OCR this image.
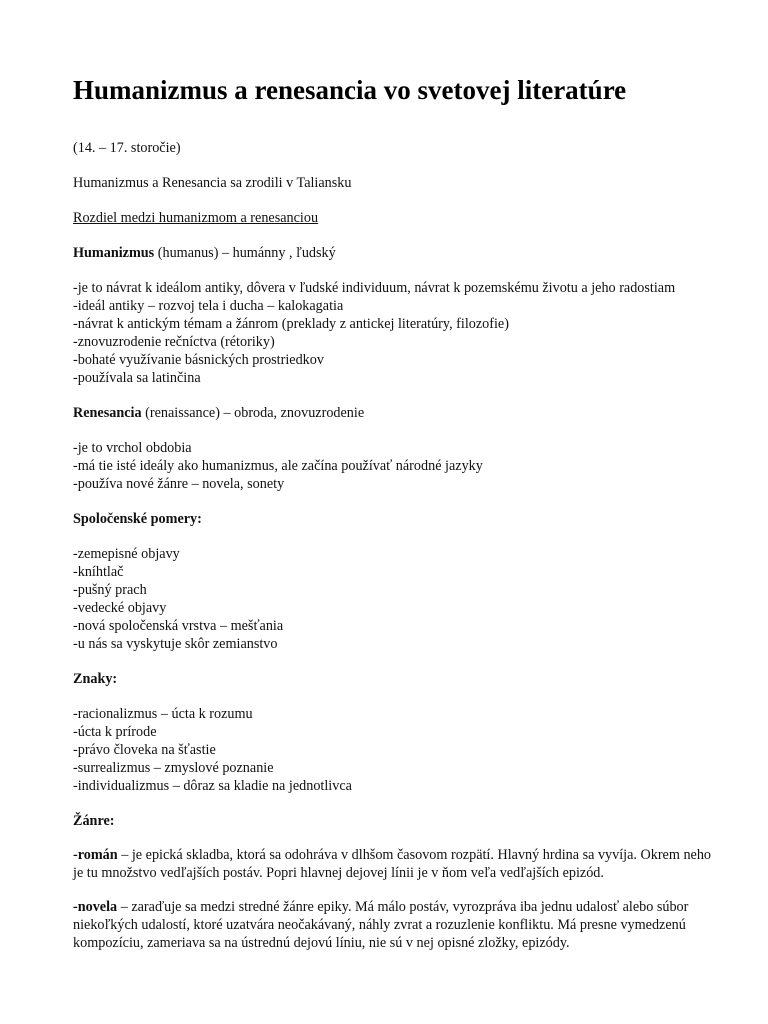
Humanizmus a renesancia vo svetovej literatúre

(14. – 17. storočie)

Humanizmus a Renesancia sa zrodili v Taliansku

Rozdiel medzi humanizmom a renesanciou

Humanizmus (humanus) – humánny , ľudský

-je to návrat k ideálom antiky, dôvera v ľudské individuum, návrat k pozemskému životu a jeho radostiam
-ideál antiky – rozvoj tela i ducha – kalokagatia
-návrat k antickým témam a žánrom (preklady z antickej literatúry, filozofie)
-znovuzrodenie rečníctva (rétoriky)
-bohaté využívanie básnických prostriedkov
-používala sa latinčina

Renesancia (renaissance) – obroda, znovuzrodenie

-je to vrchol obdobia
-má tie isté ideály ako humanizmus, ale začína používať národné jazyky
-používa nové žánre – novela, sonety

Spoločenské pomery:

-zemepisné objavy
-kníhtlač
-pušný prach
-vedecké objavy
-nová spoločenská vrstva – mešťania
-u nás sa vyskytuje skôr zemianstvo

Znaky:

-racionalizmus – úcta k rozumu
-úcta k prírode
-právo človeka na šťastie
-surrealizmus – zmyslové poznanie
-individualizmus – dôraz sa kladie na jednotlivca

Žánre:

-román – je epická skladba, ktorá sa odohráva v dlhšom časovom rozpätí. Hlavný hrdina sa vyvíja. Okrem neho je tu množstvo vedľajších postáv. Popri hlavnej dejovej línii je v ňom veľa vedľajších epizód.

-novela – zaraďuje sa medzi stredné žánre epiky. Má málo postáv, vyrozpráva iba jednu udalosť alebo súbor niekoľkých udalostí, ktoré uzatvára neočakávaný, náhly zvrat a rozuzlenie konfliktu. Má presne vymedzenú kompozíciu, zameriava sa na ústrednú dejovú líniu, nie sú v nej opisné zložky, epizódy.
